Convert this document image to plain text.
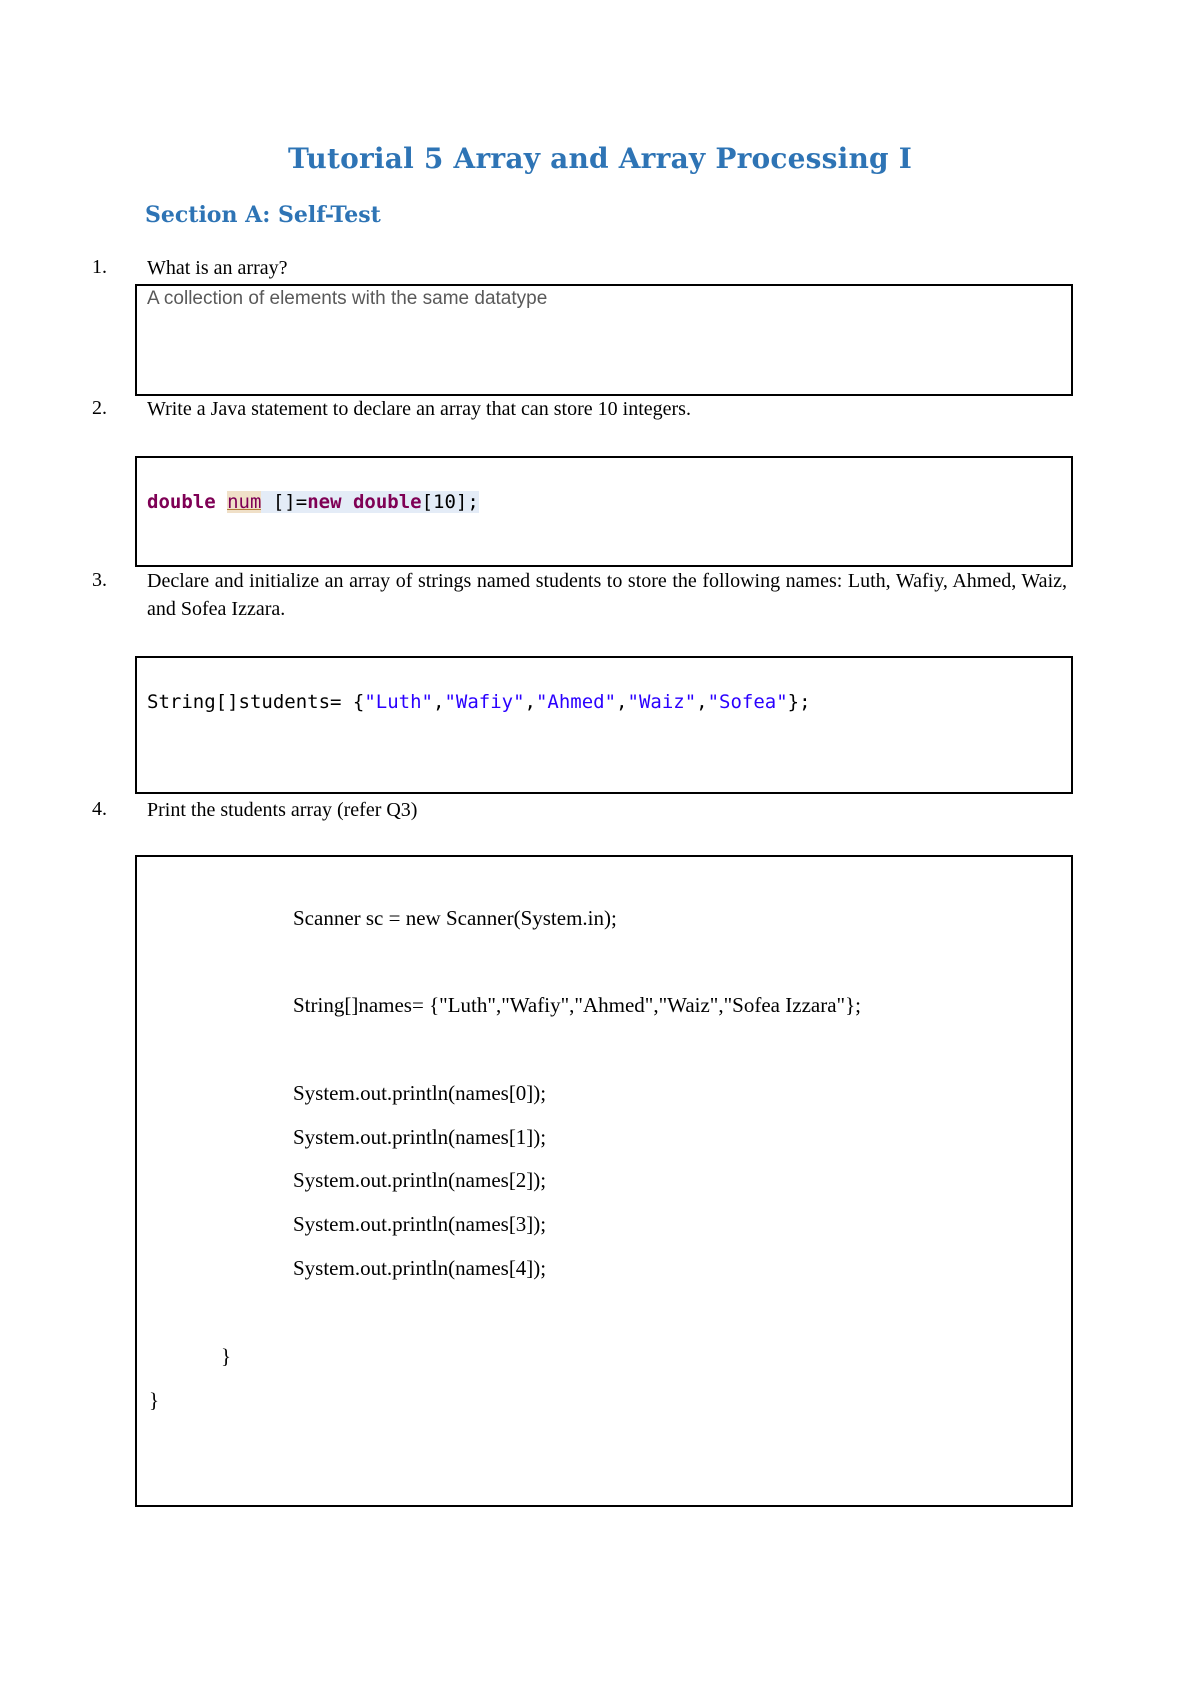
Tutorial 5 Array and Array Processing I
Section A: Self-Test
1. What is an array?
A collection of elements with the same datatype
2. Write a Java statement to declare an array that can store 10 integers.
double num []=new double[10];
3. Declare and initialize an array of strings named students to store the following names: Luth, Wafiy, Ahmed, Waiz, and Sofea Izzara.
String[]students= {"Luth","Wafiy","Ahmed","Waiz","Sofea"};
4. Print the students array (refer Q3)
Scanner sc = new Scanner(System.in);
String[]names= {"Luth","Wafiy","Ahmed","Waiz","Sofea Izzara"};
System.out.println(names[0]);
System.out.println(names[1]);
System.out.println(names[2]);
System.out.println(names[3]);
System.out.println(names[4]);
}
}
